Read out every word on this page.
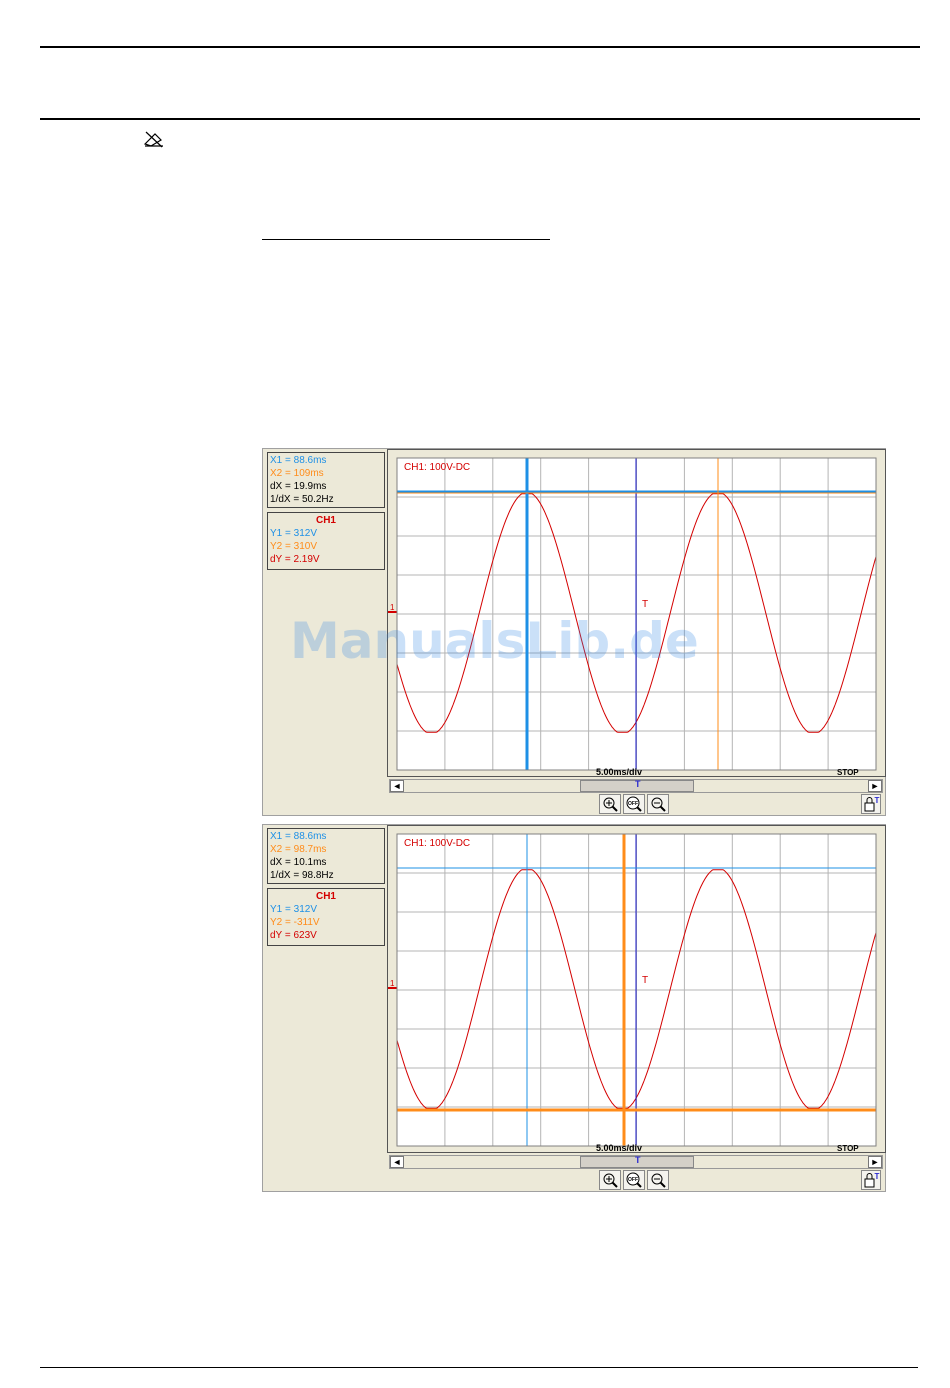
X1 = 88.6ms
X2 = 109ms
dX = 19.9ms
1/dX = 50.2Hz
CH1
Y1 = 312V
Y2 = 310V
dY = 2.19V
CH1: 100V-DC
1	T
5.00ms/div	STOP
◄	T	►
OFF	T
X1 = 88.6ms
X2 = 98.7ms
dX = 10.1ms
1/dX = 98.8Hz
CH1
Y1 = 312V
Y2 = -311V
dY = 623V
CH1: 100V-DC
1	T
5.00ms/div	STOP
◄	T	►
OFF	T
ManualsLib.de
